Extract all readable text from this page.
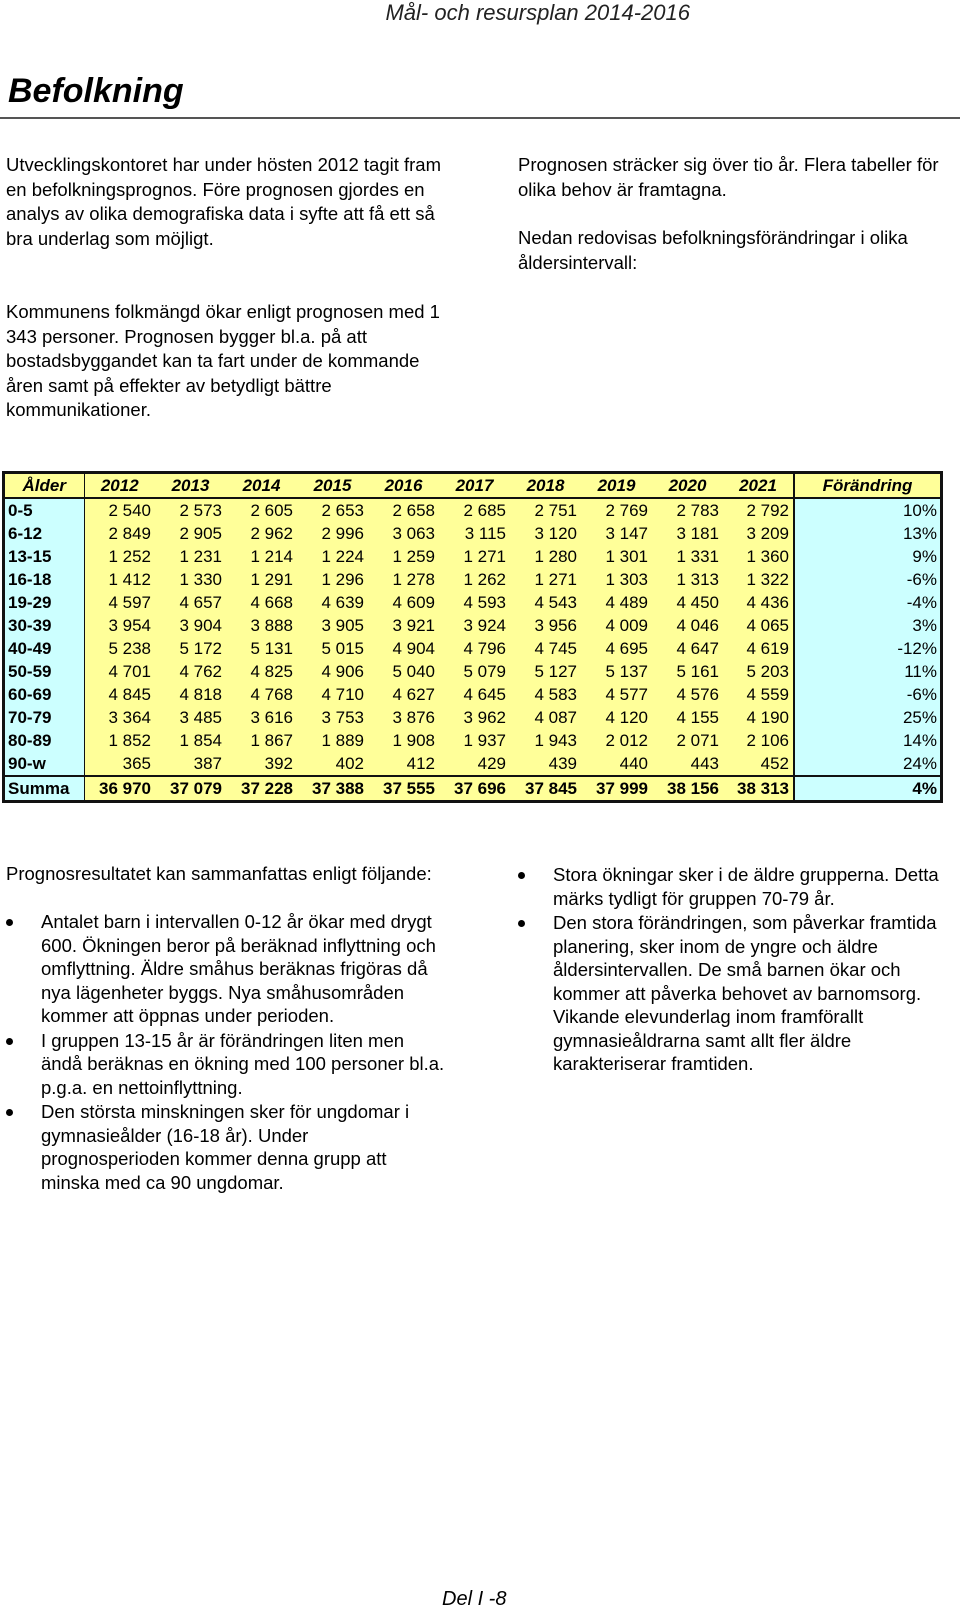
Mål- och resursplan 2014-2016
Befolkning

Utvecklingskontoret har under hösten 2012 tagit fram en befolkningsprognos. Före prognosen gjordes en analys av olika demografiska data i syfte att få ett så bra underlag som möjligt.

Prognosen sträcker sig över tio år. Flera tabeller för olika behov är framtagna.

Nedan redovisas befolkningsförändringar i olika åldersintervall:

Kommunens folkmängd ökar enligt prognosen med 1 343 personer. Prognosen bygger bl.a. på att bostadsbyggandet kan ta fart under de kommande åren samt på effekter av betydligt bättre kommunikationer.

Ålder	2012	2013	2014	2015	2016	2017	2018	2019	2020	2021	Förändring
0-5	2 540	2 573	2 605	2 653	2 658	2 685	2 751	2 769	2 783	2 792	10%
6-12	2 849	2 905	2 962	2 996	3 063	3 115	3 120	3 147	3 181	3 209	13%
13-15	1 252	1 231	1 214	1 224	1 259	1 271	1 280	1 301	1 331	1 360	9%
16-18	1 412	1 330	1 291	1 296	1 278	1 262	1 271	1 303	1 313	1 322	-6%
19-29	4 597	4 657	4 668	4 639	4 609	4 593	4 543	4 489	4 450	4 436	-4%
30-39	3 954	3 904	3 888	3 905	3 921	3 924	3 956	4 009	4 046	4 065	3%
40-49	5 238	5 172	5 131	5 015	4 904	4 796	4 745	4 695	4 647	4 619	-12%
50-59	4 701	4 762	4 825	4 906	5 040	5 079	5 127	5 137	5 161	5 203	11%
60-69	4 845	4 818	4 768	4 710	4 627	4 645	4 583	4 577	4 576	4 559	-6%
70-79	3 364	3 485	3 616	3 753	3 876	3 962	4 087	4 120	4 155	4 190	25%
80-89	1 852	1 854	1 867	1 889	1 908	1 937	1 943	2 012	2 071	2 106	14%
90-w	365	387	392	402	412	429	439	440	443	452	24%
Summa	36 970	37 079	37 228	37 388	37 555	37 696	37 845	37 999	38 156	38 313	4%

Prognosresultatet kan sammanfattas enligt följande:

Antalet barn i intervallen 0-12 år ökar med drygt 600. Ökningen beror på beräknad inflyttning och omflyttning. Äldre småhus beräknas frigöras då nya lägenheter byggs. Nya småhusområden kommer att öppnas under perioden.
I gruppen 13-15 år är förändringen liten men ändå beräknas en ökning med 100 personer bl.a. p.g.a. en nettoinflyttning.
Den största minskningen sker för ungdomar i gymnasieålder (16-18 år). Under prognosperioden kommer denna grupp att minska med ca 90 ungdomar.
Stora ökningar sker i de äldre grupperna. Detta märks tydligt för gruppen 70-79 år.
Den stora förändringen, som påverkar framtida planering, sker inom de yngre och äldre åldersintervallen. De små barnen ökar och kommer att påverka behovet av barnomsorg. Vikande elevunderlag inom framförallt gymnasieåldrarna samt allt fler äldre karakteriserar framtiden.
Del I -8
